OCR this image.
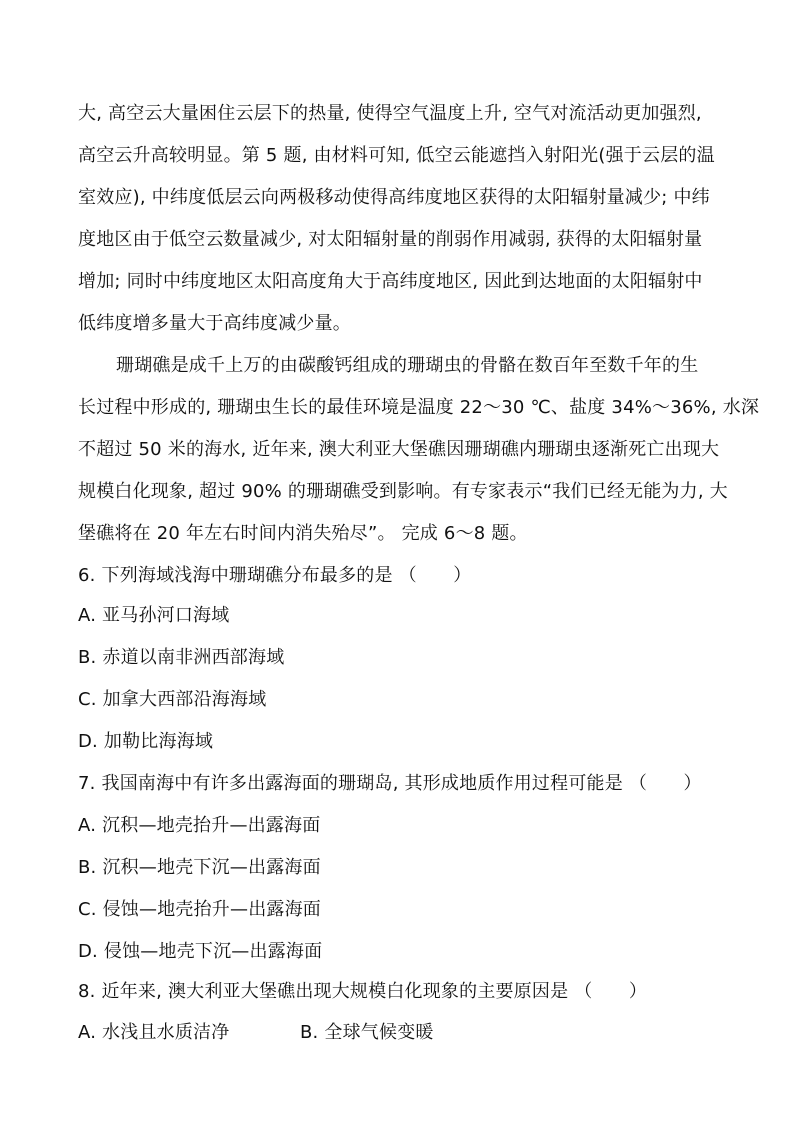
大, 高空云大量困住云层下的热量, 使得空气温度上升, 空气对流活动更加强烈,
高空云升高较明显。第 5 题, 由材料可知, 低空云能遮挡入射阳光(强于云层的温
室效应), 中纬度低层云向两极移动使得高纬度地区获得的太阳辐射量减少; 中纬
度地区由于低空云数量减少, 对太阳辐射量的削弱作用减弱, 获得的太阳辐射量
增加; 同时中纬度地区太阳高度角大于高纬度地区, 因此到达地面的太阳辐射中
低纬度增多量大于高纬度减少量。
珊瑚礁是成千上万的由碳酸钙组成的珊瑚虫的骨骼在数百年至数千年的生
长过程中形成的, 珊瑚虫生长的最佳环境是温度 22～30 ℃、盐度 34%～36%, 水深
不超过 50 米的海水, 近年来, 澳大利亚大堡礁因珊瑚礁内珊瑚虫逐渐死亡出现大
规模白化现象, 超过 90% 的珊瑚礁受到影响。有专家表示“我们已经无能为力, 大
堡礁将在 20 年左右时间内消失殆尽”。 完成 6～8 题。
6. 下列海域浅海中珊瑚礁分布最多的是 （　　）
A. 亚马孙河口海域
B. 赤道以南非洲西部海域
C. 加拿大西部沿海海域
D. 加勒比海海域
7. 我国南海中有许多出露海面的珊瑚岛, 其形成地质作用过程可能是 （　　）
A. 沉积—地壳抬升—出露海面
B. 沉积—地壳下沉—出露海面
C. 侵蚀—地壳抬升—出露海面
D. 侵蚀—地壳下沉—出露海面
8. 近年来, 澳大利亚大堡礁出现大规模白化现象的主要原因是 （　　）
A. 水浅且水质洁净	B. 全球气候变暖
